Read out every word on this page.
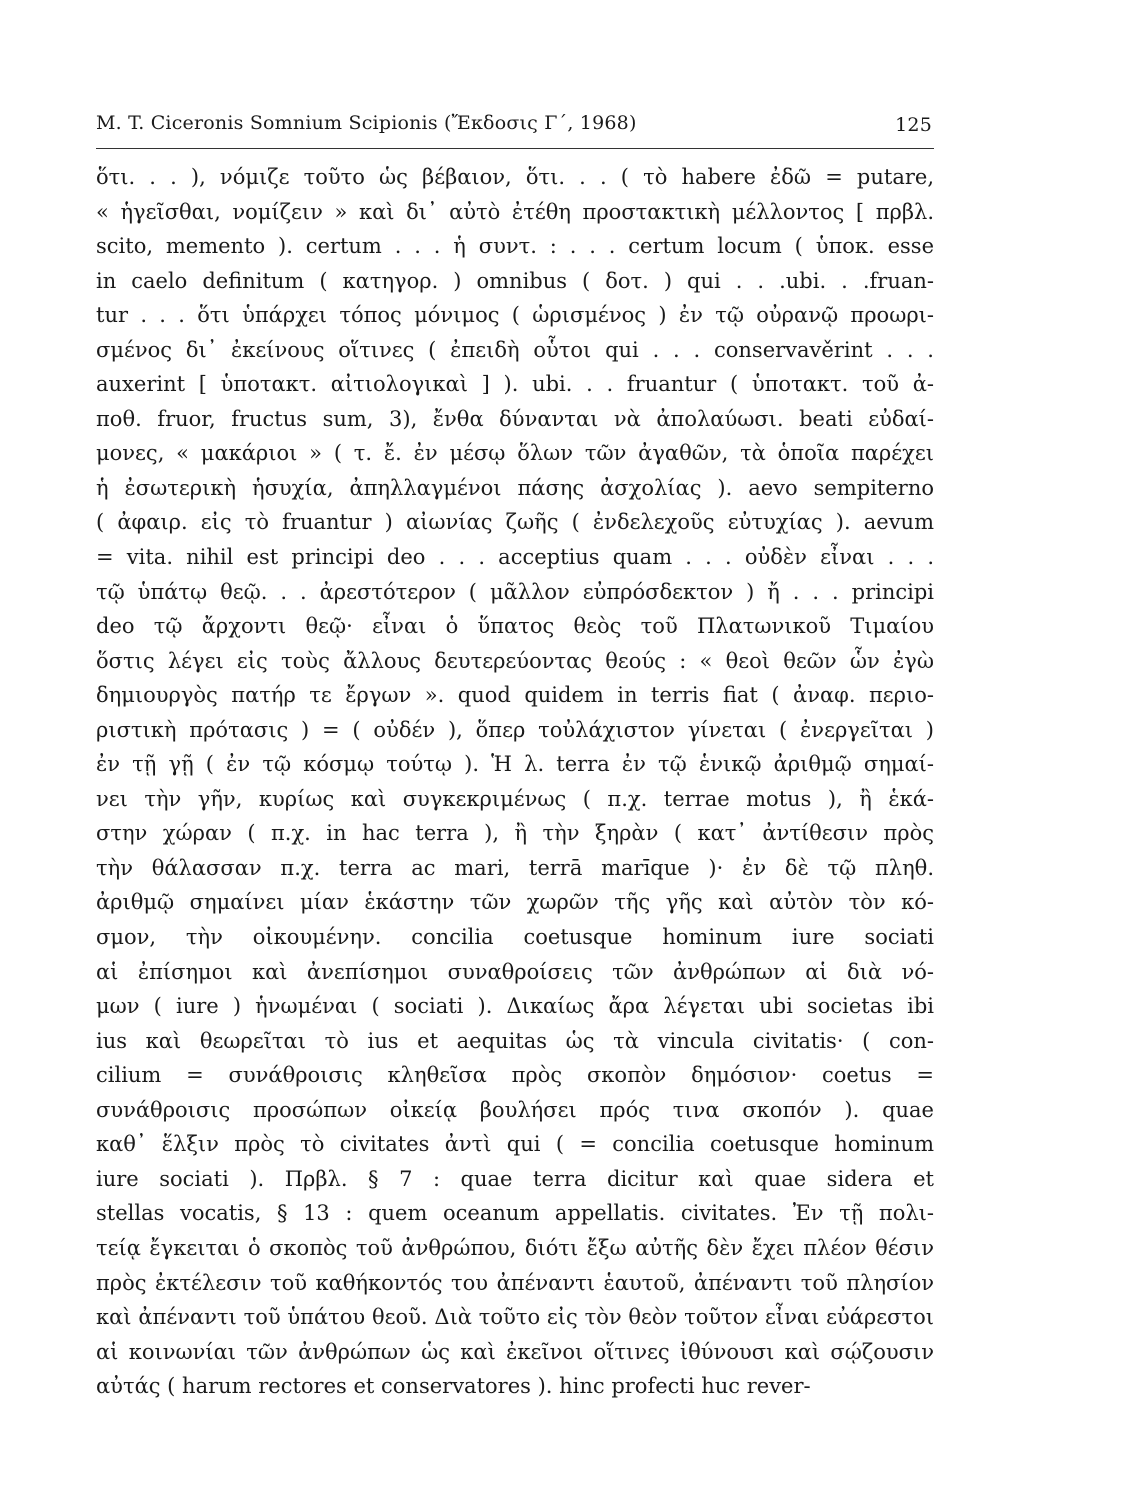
M. T. Ciceronis Somnium Scipionis (Ἔκδοσις Γ΄, 1968)	125
ὅτι. . . ), νόμιζε τοῦτο ὡς βέβαιον, ὅτι. . . ( τὸ habere ἐδῶ = putare,
« ἡγεῖσθαι, νομίζειν » καὶ δι᾽ αὐτὸ ἐτέθη προστακτικὴ μέλλοντος [ πρβλ.
scito, memento ). certum . . . ἡ συντ. : . . . certum locum ( ὑποκ. esse
in caelo definitum ( κατηγορ. ) omnibus ( δοτ. ) qui . . .ubi. . .fruan-
tur . . . ὅτι ὑπάρχει τόπος μόνιμος ( ὡρισμένος ) ἐν τῷ οὐρανῷ προωρι-
σμένος δι᾽ ἐκείνους οἵτινες ( ἐπειδὴ οὗτοι qui . . . conservavěrint . . .
auxerint [ ὑποτακτ. αἰτιολογικαὶ ] ). ubi. . . fruantur ( ὑποτακτ. τοῦ ἀ-
ποθ. fruor, fructus sum, 3), ἔνθα δύνανται νὰ ἀπολαύωσι. beati εὐδαί-
μονες, « μακάριοι » ( τ. ἔ. ἐν μέσῳ ὅλων τῶν ἀγαθῶν, τὰ ὁποῖα παρέχει
ἡ ἐσωτερικὴ ἡσυχία, ἀπηλλαγμένοι πάσης ἀσχολίας ). aevo sempiterno
( ἀφαιρ. εἰς τὸ fruantur ) αἰωνίας ζωῆς ( ἐνδελεχοῦς εὐτυχίας ). aevum
= vita. nihil est principi deo . . . acceptius quam . . . οὐδὲν εἶναι . . .
τῷ ὑπάτῳ θεῷ. . . ἀρεστότερον ( μᾶλλον εὐπρόσδεκτον ) ἤ . . . principi
deo τῷ ἄρχοντι θεῷ· εἶναι ὁ ὕπατος θεὸς τοῦ Πλατωνικοῦ Τιμαίου
ὅστις λέγει εἰς τοὺς ἄλλους δευτερεύοντας θεούς : « θεοὶ θεῶν ὧν ἐγὼ
δημιουργὸς πατήρ τε ἔργων ». quod quidem in terris fiat ( ἀναφ. περιο-
ριστικὴ πρότασις ) = ( οὐδέν ), ὅπερ τοὐλάχιστον γίνεται ( ἐνεργεῖται )
ἐν τῇ γῇ ( ἐν τῷ κόσμῳ τούτῳ ). Ἡ λ. terra ἐν τῷ ἑνικῷ ἀριθμῷ σημαί-
νει τὴν γῆν, κυρίως καὶ συγκεκριμένως ( π.χ. terrae motus ), ἢ ἑκά-
στην χώραν ( π.χ. in hac terra ), ἢ τὴν ξηρὰν ( κατ᾽ ἀντίθεσιν πρὸς
τὴν θάλασσαν π.χ. terra ac mari, terrā marīque )· ἐν δὲ τῷ πληθ.
ἀριθμῷ σημαίνει μίαν ἑκάστην τῶν χωρῶν τῆς γῆς καὶ αὐτὸν τὸν κό-
σμον, τὴν οἰκουμένην. concilia coetusque hominum iure sociati
αἱ ἐπίσημοι καὶ ἀνεπίσημοι συναθροίσεις τῶν ἀνθρώπων αἱ διὰ νό-
μων ( iure ) ἡνωμέναι ( sociati ). Δικαίως ἄρα λέγεται ubi societas ibi
ius καὶ θεωρεῖται τὸ ius et aequitas ὡς τὰ vincula civitatis· ( con-
cilium = συνάθροισις κληθεῖσα πρὸς σκοπὸν δημόσιον· coetus =
συνάθροισις προσώπων οἰκείᾳ βουλήσει πρός τινα σκοπόν ). quae
καθ᾽ ἕλξιν πρὸς τὸ civitates ἀντὶ qui ( = concilia coetusque hominum
iure sociati ). Πρβλ. § 7 : quae terra dicitur καὶ quae sidera et
stellas vocatis, § 13 : quem oceanum appellatis. civitates. Ἐν τῇ πολι-
τείᾳ ἔγκειται ὁ σκοπὸς τοῦ ἀνθρώπου, διότι ἔξω αὐτῆς δὲν ἔχει πλέον θέσιν
πρὸς ἐκτέλεσιν τοῦ καθήκοντός του ἀπέναντι ἑαυτοῦ, ἀπέναντι τοῦ πλησίον
καὶ ἀπέναντι τοῦ ὑπάτου θεοῦ. Διὰ τοῦτο εἰς τὸν θεὸν τοῦτον εἶναι εὐάρεστοι
αἱ κοινωνίαι τῶν ἀνθρώπων ὡς καὶ ἐκεῖνοι οἵτινες ἰθύνουσι καὶ σῴζουσιν
αὐτάς ( harum rectores et conservatores ). hinc profecti huc rever-
